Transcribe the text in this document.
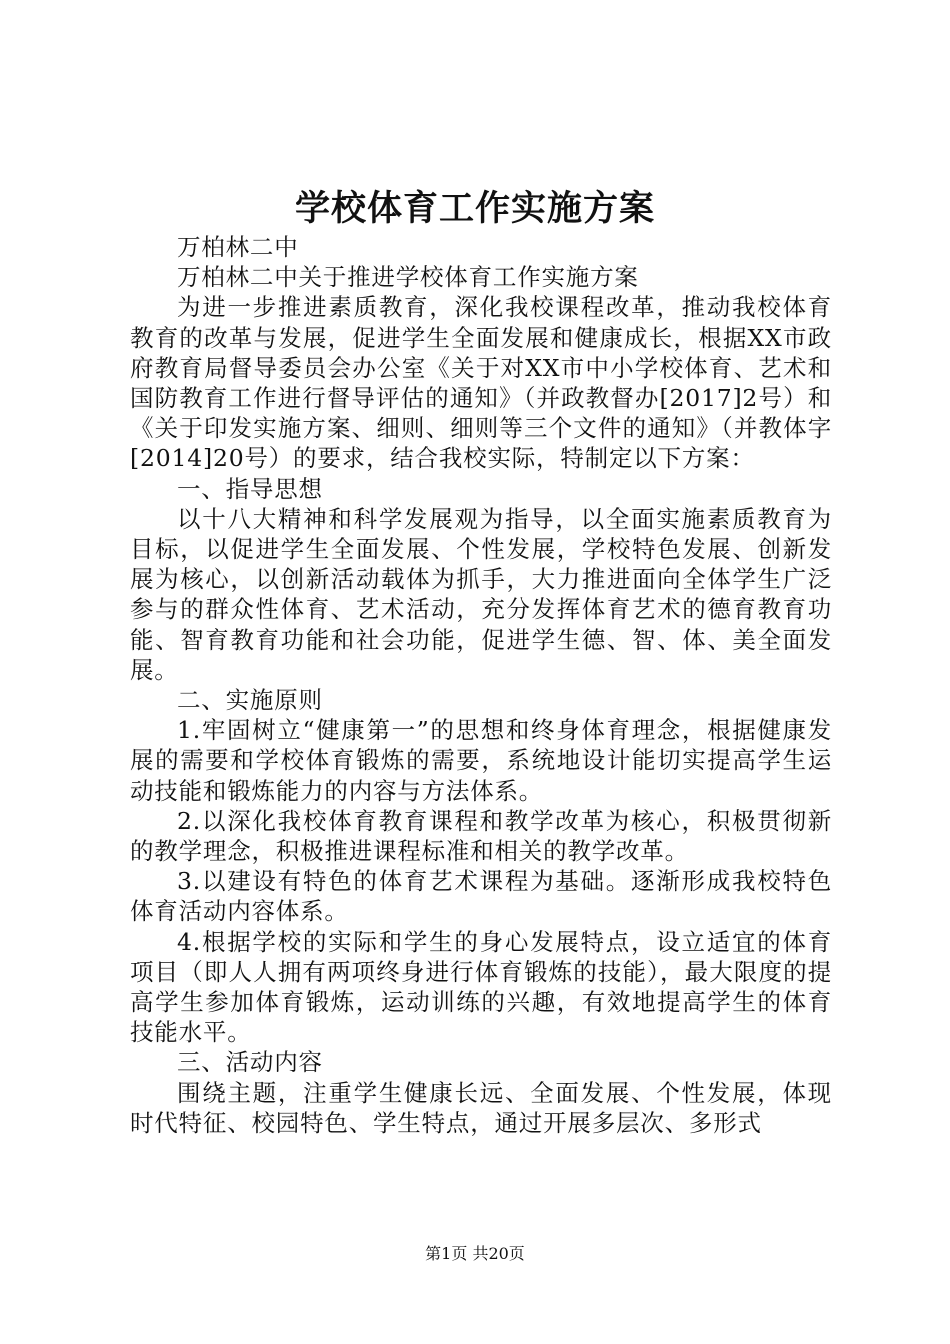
学校体育工作实施方案

万柏林二中

万柏林二中关于推进学校体育工作实施方案

为进一步推进素质教育，深化我校课程改革，推动我校体育教育的改革与发展，促进学生全面发展和健康成长，根据XX市政府教育局督导委员会办公室《关于对XX市中小学校体育、艺术和国防教育工作进行督导评估的通知》（并政教督办[2017]2号）和《关于印发实施方案、细则、细则等三个文件的通知》（并教体字[2014]20号）的要求，结合我校实际，特制定以下方案：

一、指导思想

以十八大精神和科学发展观为指导，以全面实施素质教育为目标，以促进学生全面发展、个性发展，学校特色发展、创新发展为核心，以创新活动载体为抓手，大力推进面向全体学生广泛参与的群众性体育、艺术活动，充分发挥体育艺术的德育教育功能、智育教育功能和社会功能，促进学生德、智、体、美全面发展。

二、实施原则

1.牢固树立“健康第一”的思想和终身体育理念，根据健康发展的需要和学校体育锻炼的需要，系统地设计能切实提高学生运动技能和锻炼能力的内容与方法体系。

2.以深化我校体育教育课程和教学改革为核心，积极贯彻新的教学理念，积极推进课程标准和相关的教学改革。

3.以建设有特色的体育艺术课程为基础。逐渐形成我校特色体育活动内容体系。

4.根据学校的实际和学生的身心发展特点，设立适宜的体育项目（即人人拥有两项终身进行体育锻炼的技能），最大限度的提高学生参加体育锻炼，运动训练的兴趣，有效地提高学生的体育技能水平。

三、活动内容

围绕主题，注重学生健康长远、全面发展、个性发展，体现时代特征、校园特色、学生特点，通过开展多层次、多形式

第1页 共20页
